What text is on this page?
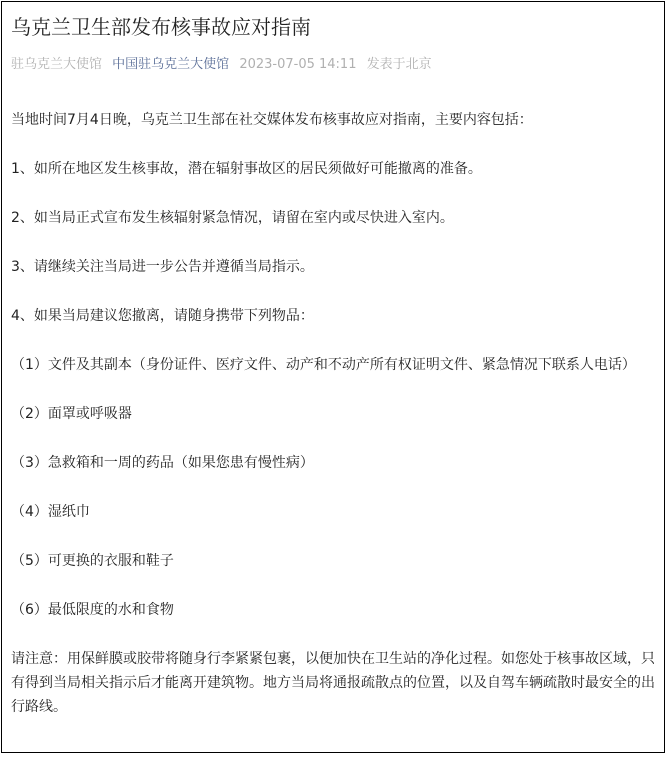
乌克兰卫生部发布核事故应对指南
驻乌克兰大使馆 中国驻乌克兰大使馆 2023-07-05 14:11 发表于北京

当地时间7月4日晚，乌克兰卫生部在社交媒体发布核事故应对指南，主要内容包括：

1、如所在地区发生核事故，潜在辐射事故区的居民须做好可能撤离的准备。

2、如当局正式宣布发生核辐射紧急情况，请留在室内或尽快进入室内。

3、请继续关注当局进一步公告并遵循当局指示。

4、如果当局建议您撤离，请随身携带下列物品：

（1）文件及其副本（身份证件、医疗文件、动产和不动产所有权证明文件、紧急情况下联系人电话）

（2）面罩或呼吸器

（3）急救箱和一周的药品（如果您患有慢性病）

（4）湿纸巾

（5）可更换的衣服和鞋子

（6）最低限度的水和食物

请注意：用保鲜膜或胶带将随身行李紧紧包裹，以便加快在卫生站的净化过程。如您处于核事故区域，只有得到当局相关指示后才能离开建筑物。地方当局将通报疏散点的位置，以及自驾车辆疏散时最安全的出行路线。
